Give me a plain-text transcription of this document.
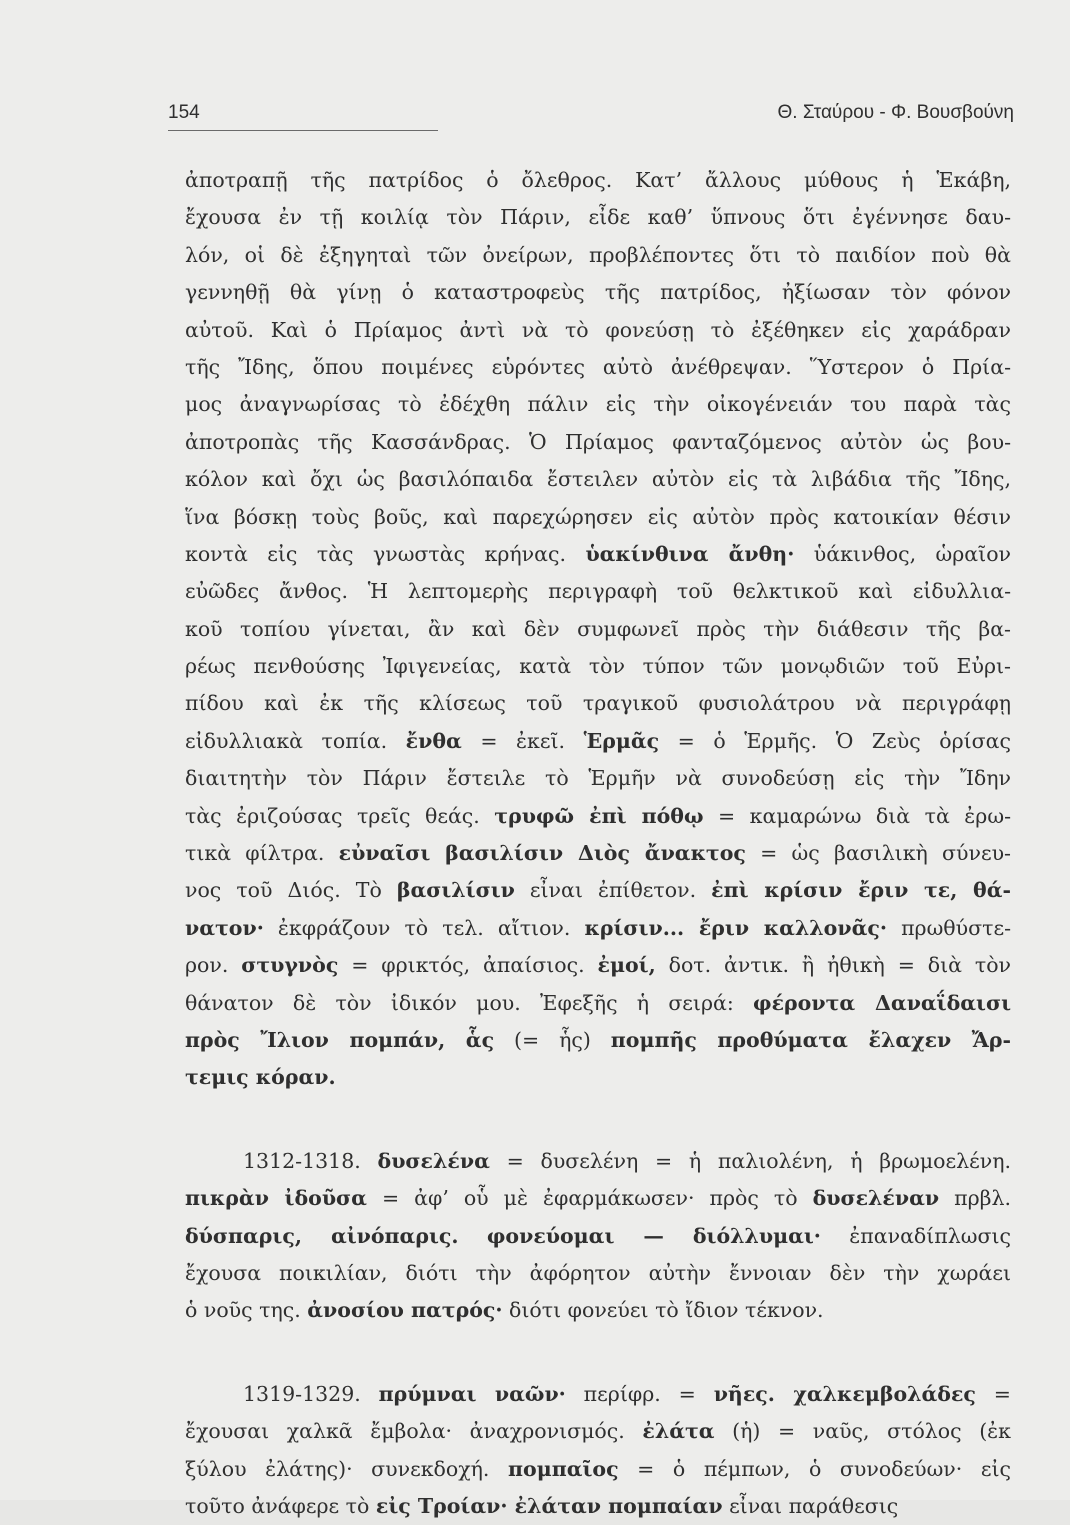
154	Θ. Σταύρου - Φ. Βουσβούνη
ἀποτραπῇ τῆς πατρίδος ὁ ὄλεθρος. Κατ’ ἄλλους μύθους ἡ Ἑκάβη,
ἔχουσα ἐν τῇ κοιλίᾳ τὸν Πάριν, εἶδε καθ’ ὕπνους ὅτι ἐγέννησε δαυ-
λόν, οἱ δὲ ἐξηγηταὶ τῶν ὀνείρων, προβλέποντες ὅτι τὸ παιδίον ποὺ θὰ
γεννηθῇ θὰ γίνῃ ὁ καταστροφεὺς τῆς πατρίδος, ἠξίωσαν τὸν φόνον
αὐτοῦ. Καὶ ὁ Πρίαμος ἀντὶ νὰ τὸ φονεύσῃ τὸ ἐξέθηκεν εἰς χαράδραν
τῆς Ἴδης, ὅπου ποιμένες εὑρόντες αὐτὸ ἀνέθρεψαν. Ὕστερον ὁ Πρία-
μος ἀναγνωρίσας τὸ ἐδέχθη πάλιν εἰς τὴν οἰκογένειάν του παρὰ τὰς
ἀποτροπὰς τῆς Κασσάνδρας. Ὁ Πρίαμος φανταζόμενος αὐτὸν ὡς βου-
κόλον καὶ ὄχι ὡς βασιλόπαιδα ἔστειλεν αὐτὸν εἰς τὰ λιβάδια τῆς Ἴδης,
ἵνα βόσκῃ τοὺς βοῦς, καὶ παρεχώρησεν εἰς αὐτὸν πρὸς κατοικίαν θέσιν
κοντὰ εἰς τὰς γνωστὰς κρήνας. ὑακίνθινα ἄνθη· ὑάκινθος, ὡραῖον
εὐῶδες ἄνθος. Ἡ λεπτομερὴς περιγραφὴ τοῦ θελκτικοῦ καὶ εἰδυλλια-
κοῦ τοπίου γίνεται, ἂν καὶ δὲν συμφωνεῖ πρὸς τὴν διάθεσιν τῆς βα-
ρέως πενθούσης Ἰφιγενείας, κατὰ τὸν τύπον τῶν μονῳδιῶν τοῦ Εὐρι-
πίδου καὶ ἐκ τῆς κλίσεως τοῦ τραγικοῦ φυσιολάτρου νὰ περιγράφῃ
εἰδυλλιακὰ τοπία. ἔνθα = ἐκεῖ. Ἑρμᾶς = ὁ Ἑρμῆς. Ὁ Ζεὺς ὁρίσας
διαιτητὴν τὸν Πάριν ἔστειλε τὸ Ἑρμῆν νὰ συνοδεύσῃ εἰς τὴν Ἴδην
τὰς ἐριζούσας τρεῖς θεάς. τρυφῶ ἐπὶ πόθῳ = καμαρώνω διὰ τὰ ἐρω-
τικὰ φίλτρα. εὐναῖσι βασιλίσιν Διὸς ἄνακτος = ὡς βασιλικὴ σύνευ-
νος τοῦ Διός. Τὸ βασιλίσιν εἶναι ἐπίθετον. ἐπὶ κρίσιν ἔριν τε, θά-
νατον· ἐκφράζουν τὸ τελ. αἴτιον. κρίσιν... ἔριν καλλονᾶς· πρωθύστε-
ρον. στυγνὸς = φρικτός, ἀπαίσιος. ἐμοί, δοτ. ἀντικ. ἢ ἠθικὴ = διὰ τὸν
θάνατον δὲ τὸν ἰδικόν μου. Ἐφεξῆς ἡ σειρά: φέροντα Δαναΐδαισι
πρὸς Ἴλιον πομπάν, ἇς (= ἧς) πομπῆς προθύματα ἔλαχεν Ἄρ-
τεμις κόραν.
1312-1318. δυσελένα = δυσελένη = ἡ παλιολένη, ἡ βρωμοελένη.
πικρὰν ἰδοῦσα = ἀφ’ οὗ μὲ ἐφαρμάκωσεν· πρὸς τὸ δυσελέναν πρβλ.
δύσπαρις, αἰνόπαρις. φονεύομαι — διόλλυμαι· ἐπαναδίπλωσις
ἔχουσα ποικιλίαν, διότι τὴν ἀφόρητον αὐτὴν ἔννοιαν δὲν τὴν χωράει
ὁ νοῦς της. ἀνοσίου πατρός· διότι φονεύει τὸ ἴδιον τέκνον.
1319-1329. πρύμναι ναῶν· περίφρ. = νῆες. χαλκεμβολάδες =
ἔχουσαι χαλκᾶ ἔμβολα· ἀναχρονισμός. ἐλάτα (ἡ) = ναῦς, στόλος (ἐκ
ξύλου ἐλάτης)· συνεκδοχή. πομπαῖος = ὁ πέμπων, ὁ συνοδεύων· εἰς
τοῦτο ἀνάφερε τὸ εἰς Τροίαν· ἐλάταν πομπαίαν εἶναι παράθεσις
